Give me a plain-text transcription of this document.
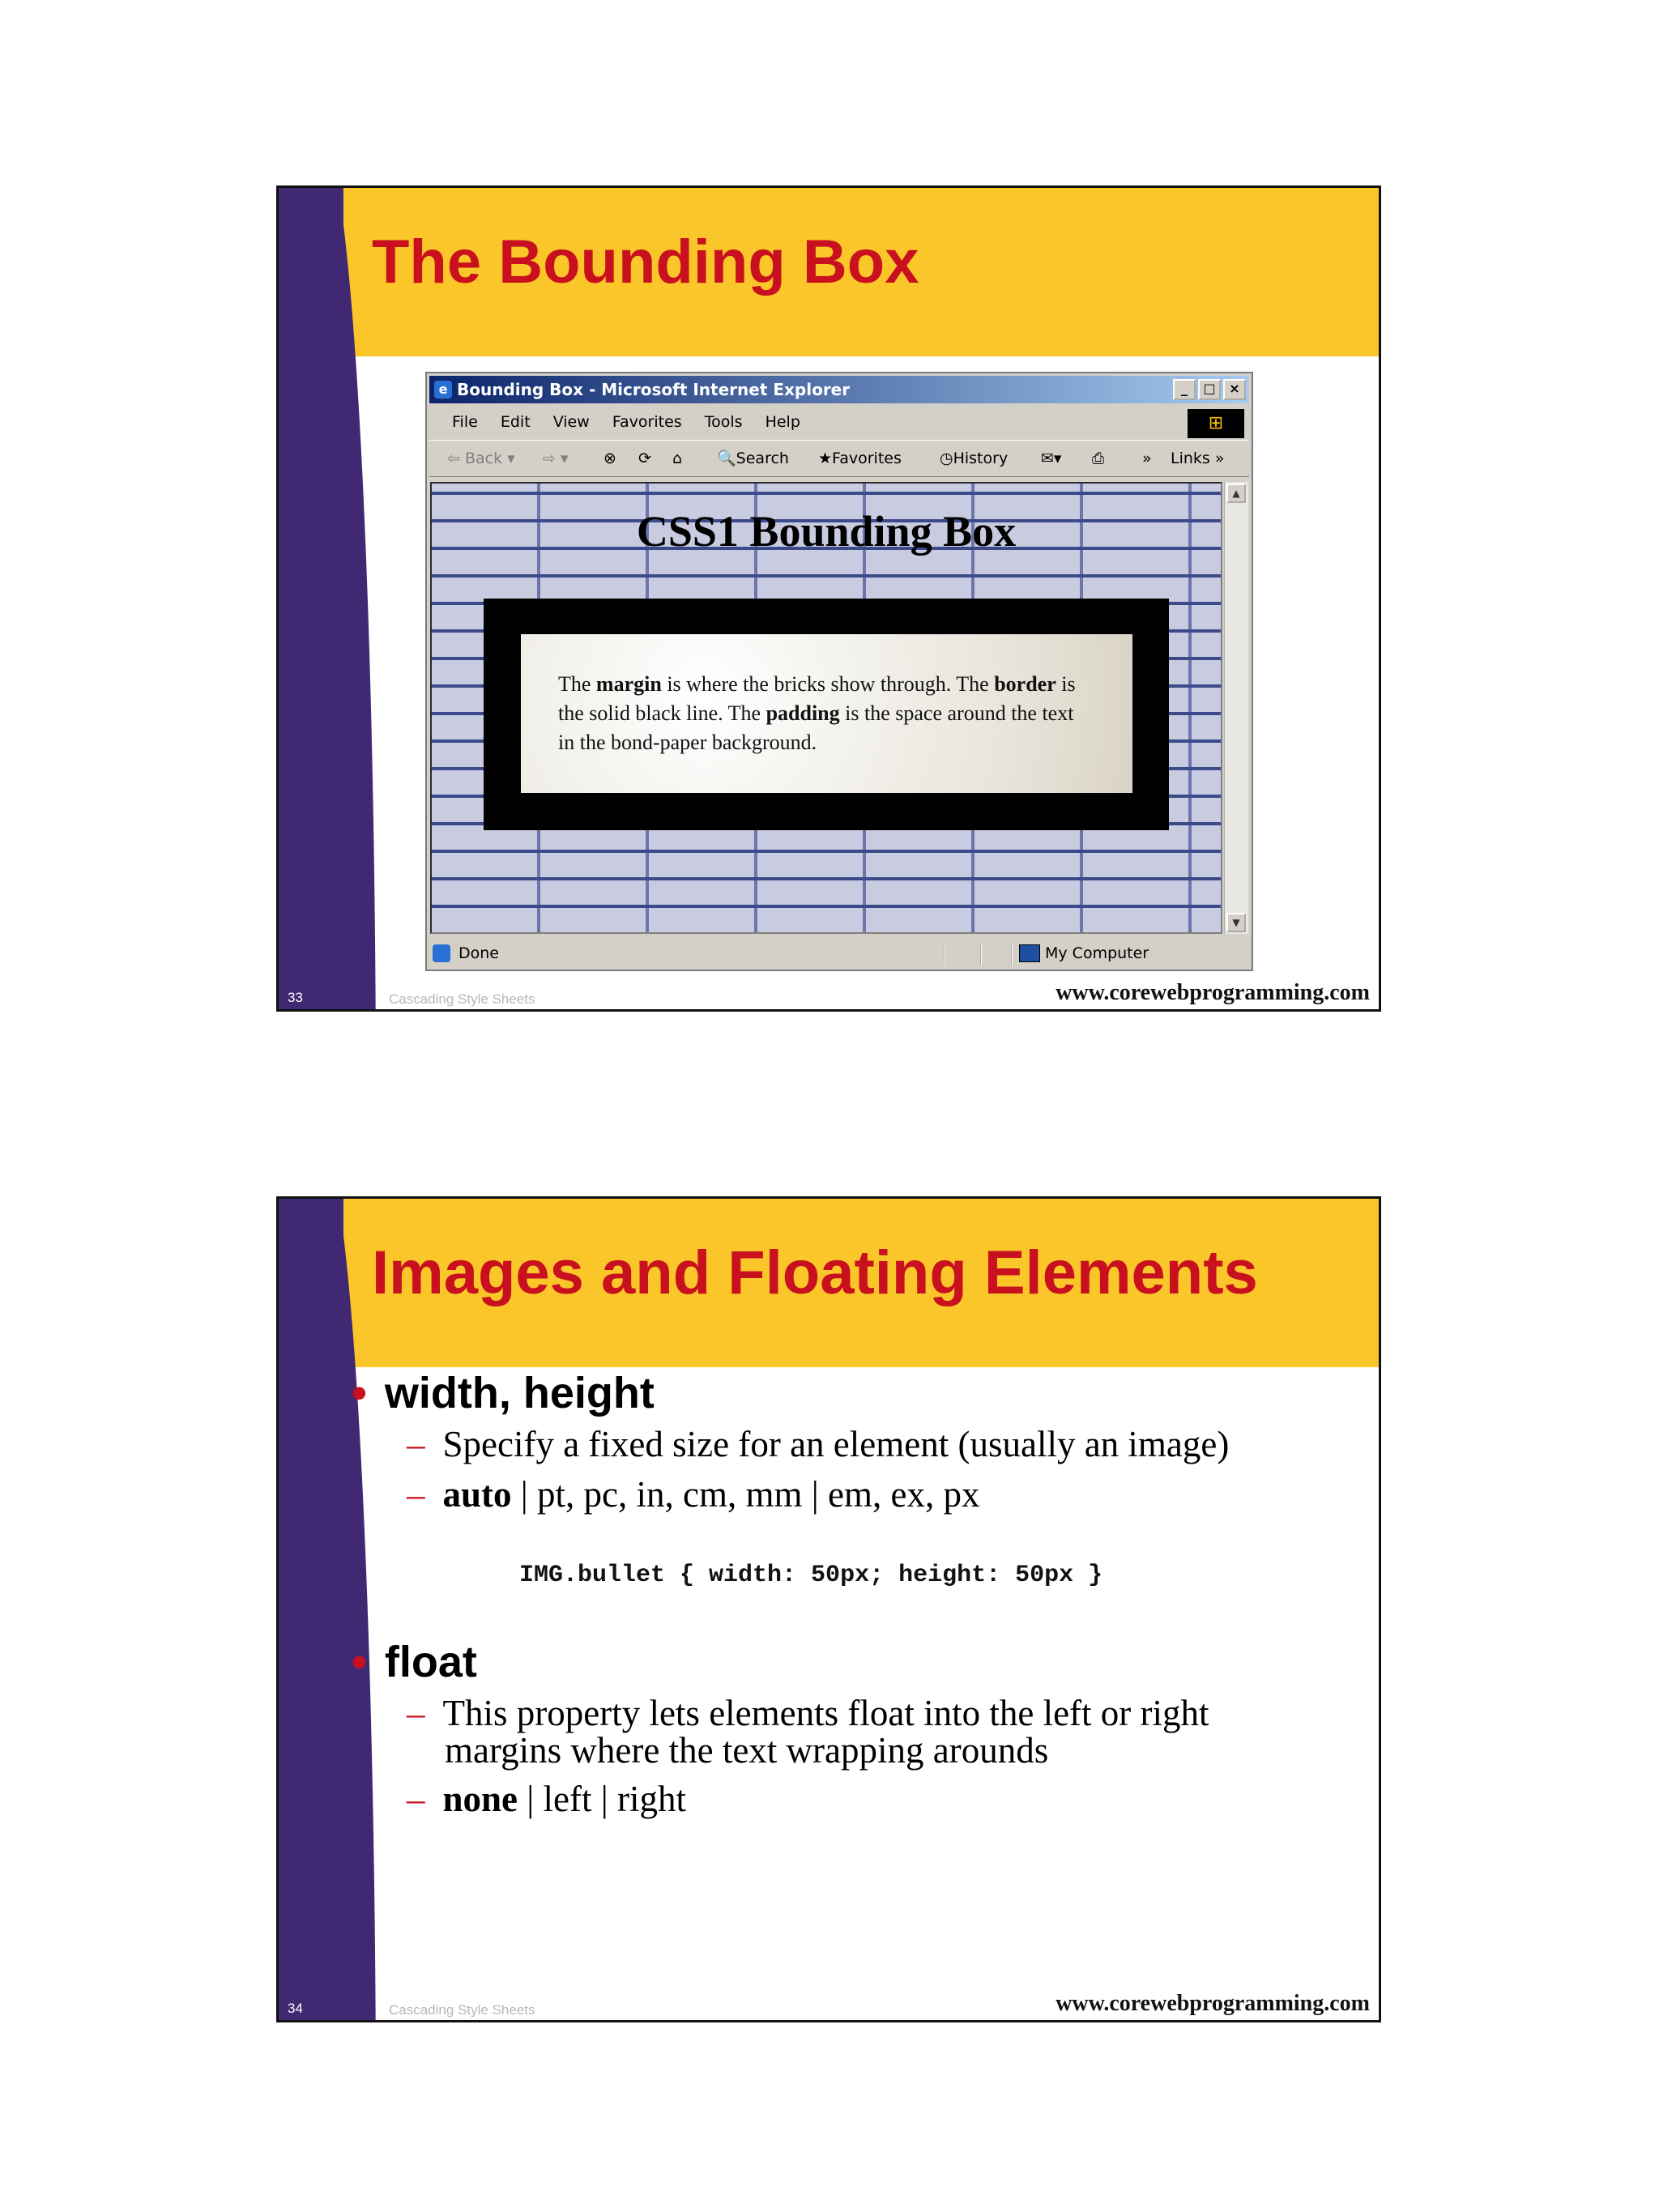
The Bounding Box
e Bounding Box - Microsoft Internet Explorer	_	□	×
File Edit View Favorites Tools Help	⊞
⇦ Back ▾ ⇨ ▾ ⊗ ⟳ ⌂ 🔍Search ★Favorites ◷History ✉▾ ⎙ » Links »
CSS1 Bounding Box
The margin is where the bricks show through. The border is the solid black line. The padding is the space around the text in the bond-paper background.
▲
▼
Done	My Computer
33	Cascading Style Sheets	www.corewebprogramming.com
Images and Floating Elements
• width, height
– Specify a fixed size for an element (usually an image)
– auto | pt, pc, in, cm, mm | em, ex, px
IMG.bullet { width: 50px; height: 50px }
• float
– This property lets elements float into the left or right
margins where the text wrapping arounds
– none | left | right
34	Cascading Style Sheets	www.corewebprogramming.com
